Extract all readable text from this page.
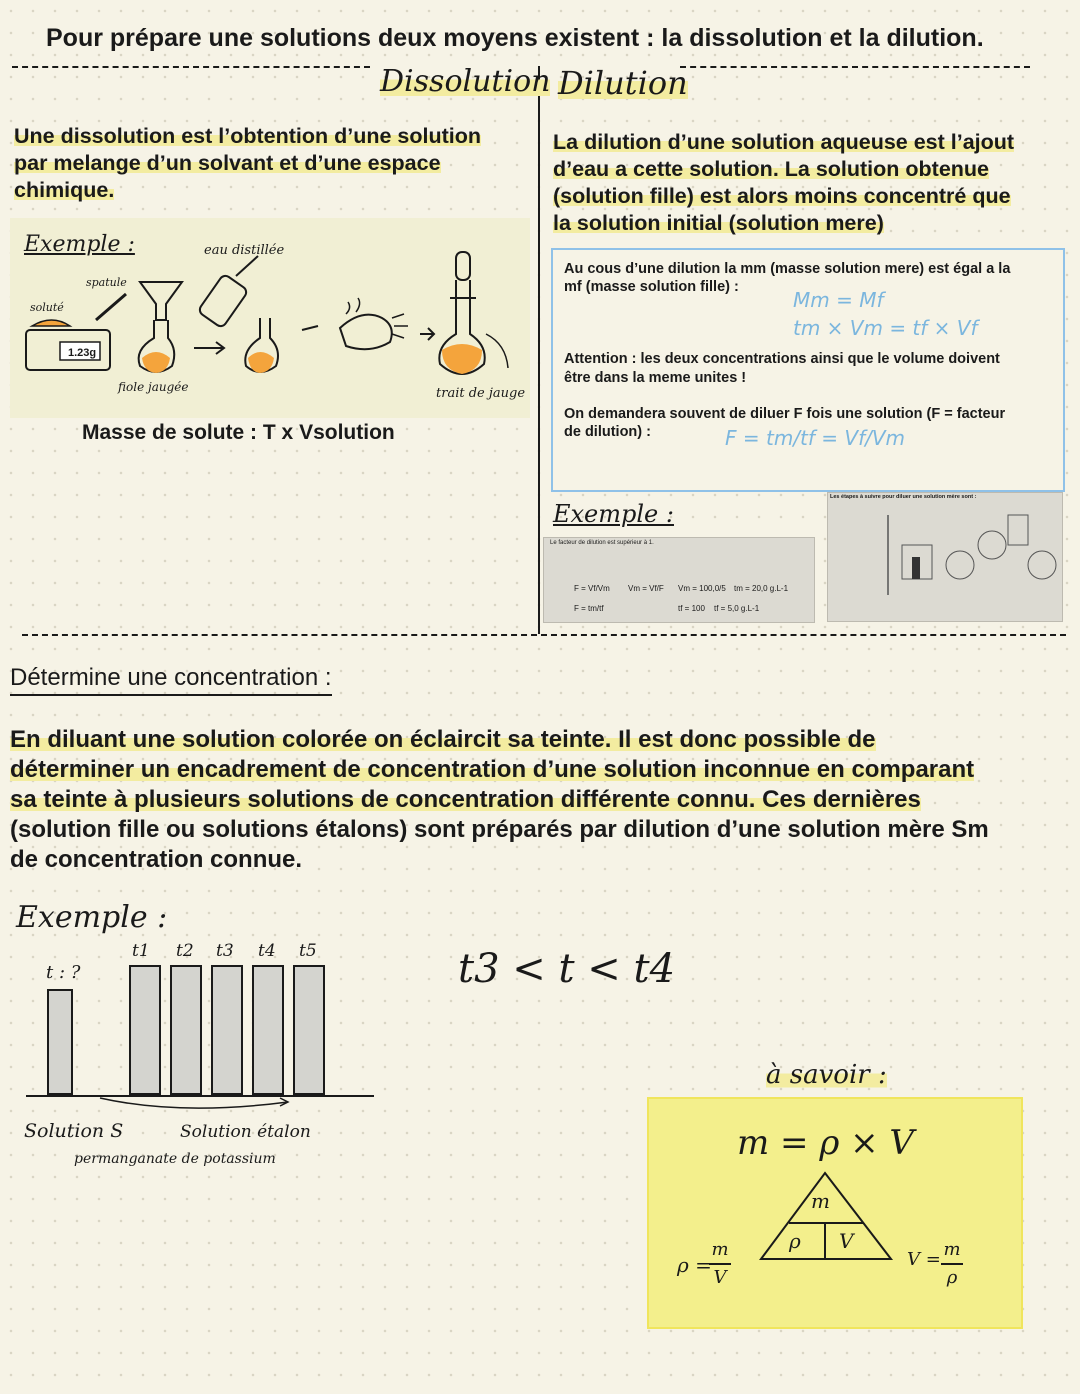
Pour prépare une solutions deux moyens existent : la dissolution et la dilution.
Dissolution Dilution
Une dissolution est l’obtention d’une solution
par melange d’un solvant et d’une espace
chimique.
Exemple :
soluté
spatule
1.23g
eau distillée
fiole jaugée	trait de jauge
Masse de solute : T x Vsolution
La dilution d’une solution aqueuse est l’ajout
d’eau a cette solution. La solution obtenue
(solution fille) est alors moins concentré que
la solution initial (solution mere)
Au cous d’une dilution la mm (masse solution mere) est égal a la
mf (masse solution fille) :
Mm = Mf
tm × Vm = tf × Vf
Attention : les deux concentrations ainsi que le volume doivent
être dans la meme unites !
On demandera souvent de diluer F fois une solution (F = facteur
de dilution) :	F = tm/tf = Vf/Vm
Exemple :
Le facteur de dilution est supérieur à 1.
F = Vf/Vm Vm = Vf/F Vm = 100,0/5 tm = 20,0 g.L-1
F = tm/tf	tf = 100 tf = 5,0 g.L-1
Les étapes à suivre pour diluer une solution mère sont :
Détermine une concentration :
En diluant une solution colorée on éclaircit sa teinte. Il est donc possible de
déterminer un encadrement de concentration d’une solution inconnue en comparant
sa teinte à plusieurs solutions de concentration différente connu. Ces dernières
(solution fille ou solutions étalons) sont préparés par dilution d’une solution mère Sm
de concentration connue.
Exemple :
t : ?
t1 t2 t3 t4 t5
Solution S	Solution étalon
permanganate de potassium
t3 < t < t4
à savoir :
m = ρ × V
m
ρ V
ρ =
m
V
V = m
ρ
